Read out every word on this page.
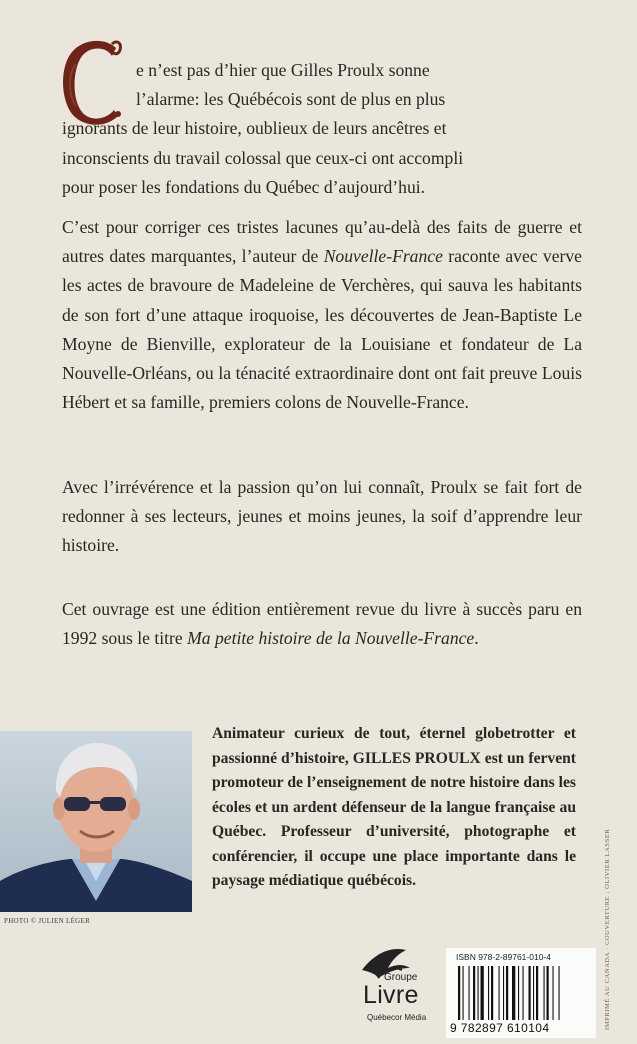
e n’est pas d’hier que Gilles Proulx sonne
l’alarme: les Québécois sont de plus en plus
ignorants de leur histoire, oublieux de leurs ancêtres et
inconscients du travail colossal que ceux-ci ont accompli
pour poser les fondations du Québec d’aujourd’hui.

C’est pour corriger ces tristes lacunes qu’au-delà des faits de guerre et autres dates marquantes, l’auteur de Nouvelle-France raconte avec verve les actes de bravoure de Madeleine de Verchères, qui sauva les habitants de son fort d’une attaque iroquoise, les découvertes de Jean-Baptiste Le Moyne de Bienville, explorateur de la Louisiane et fondateur de La Nouvelle-Orléans, ou la ténacité extraordinaire dont ont fait preuve Louis Hébert et sa famille, premiers colons de Nouvelle-France.

Avec l’irrévérence et la passion qu’on lui connaît, Proulx se fait fort de redonner à ses lecteurs, jeunes et moins jeunes, la soif d’apprendre leur histoire.

Cet ouvrage est une édition entièrement revue du livre à succès paru en 1992 sous le titre Ma petite histoire de la Nouvelle-France.

PHOTO © JULIEN LÉGER
Animateur curieux de tout, éternel globetrotter et passionné d’histoire, GILLES PROULX est un fervent promoteur de l’enseignement de notre histoire dans les écoles et un ardent défenseur de la langue française au Québec. Professeur d’université, photographe et conférencier, il occupe une place importante dans le paysage médiatique québécois.	IMPRIMÉ AU CANADA · COUVERTURE : OLIVIER LASSER
Groupe
Livre
Québecor Média
ISBN 978-2-89761-010-4
9 782897 610104
